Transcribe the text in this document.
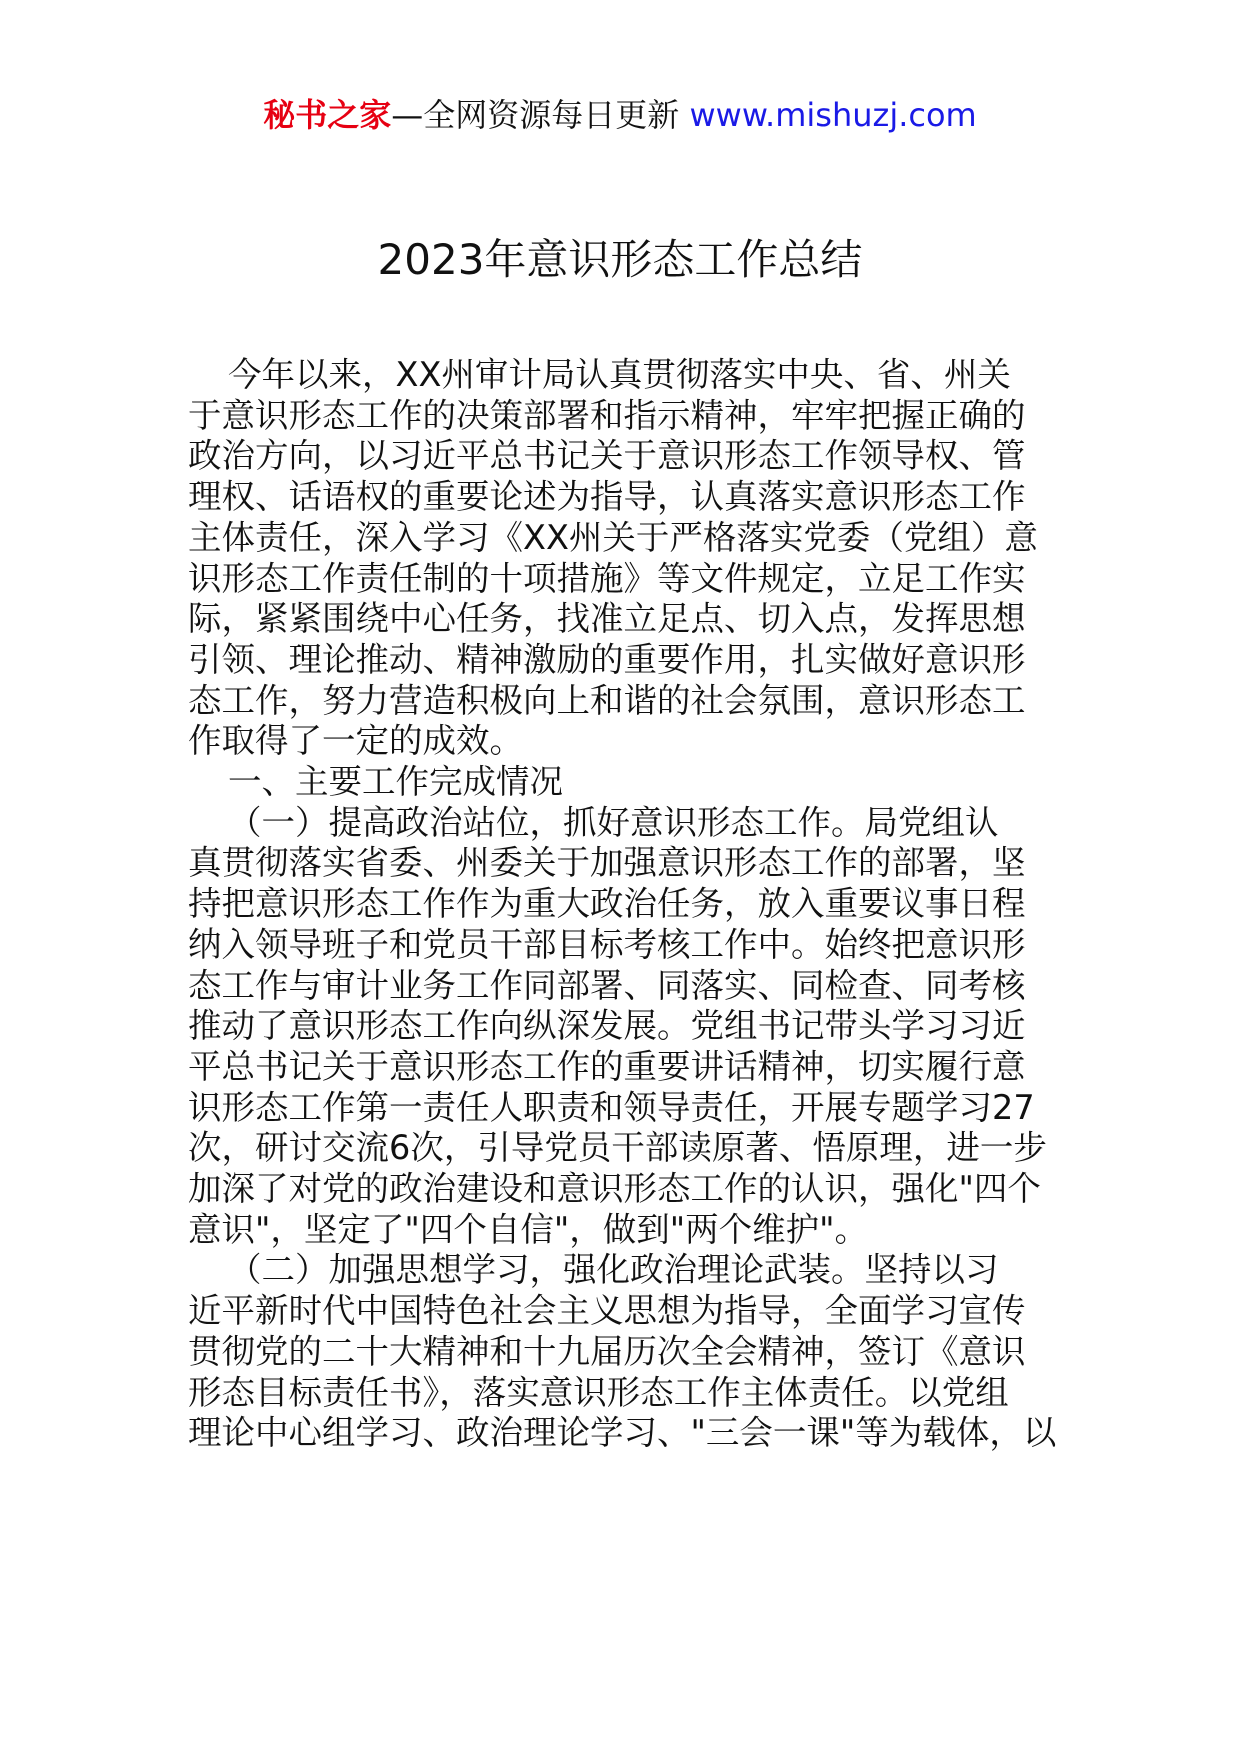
秘书之家—全网资源每日更新 www.mishuzj.com
2023年意识形态工作总结
今年以来，XX州审计局认真贯彻落实中央、省、州关
于意识形态工作的决策部署和指示精神，牢牢把握正确的
政治方向，以习近平总书记关于意识形态工作领导权、管
理权、话语权的重要论述为指导，认真落实意识形态工作
主体责任，深入学习《XX州关于严格落实党委（党组）意
识形态工作责任制的十项措施》等文件规定，立足工作实
际，紧紧围绕中心任务，找准立足点、切入点，发挥思想
引领、理论推动、精神激励的重要作用，扎实做好意识形
态工作，努力营造积极向上和谐的社会氛围，意识形态工
作取得了一定的成效。
一、主要工作完成情况
（一）提高政治站位，抓好意识形态工作。局党组认
真贯彻落实省委、州委关于加强意识形态工作的部署，坚
持把意识形态工作作为重大政治任务，放入重要议事日程
纳入领导班子和党员干部目标考核工作中。始终把意识形
态工作与审计业务工作同部署、同落实、同检查、同考核
推动了意识形态工作向纵深发展。党组书记带头学习习近
平总书记关于意识形态工作的重要讲话精神，切实履行意
识形态工作第一责任人职责和领导责任，开展专题学习27
次，研讨交流6次，引导党员干部读原著、悟原理，进一步
加深了对党的政治建设和意识形态工作的认识，强化"四个
意识"，坚定了"四个自信"，做到"两个维护"。
（二）加强思想学习，强化政治理论武装。坚持以习
近平新时代中国特色社会主义思想为指导，全面学习宣传
贯彻党的二十大精神和十九届历次全会精神，签订《意识
形态目标责任书》，落实意识形态工作主体责任。以党组
理论中心组学习、政治理论学习、"三会一课"等为载体，以
